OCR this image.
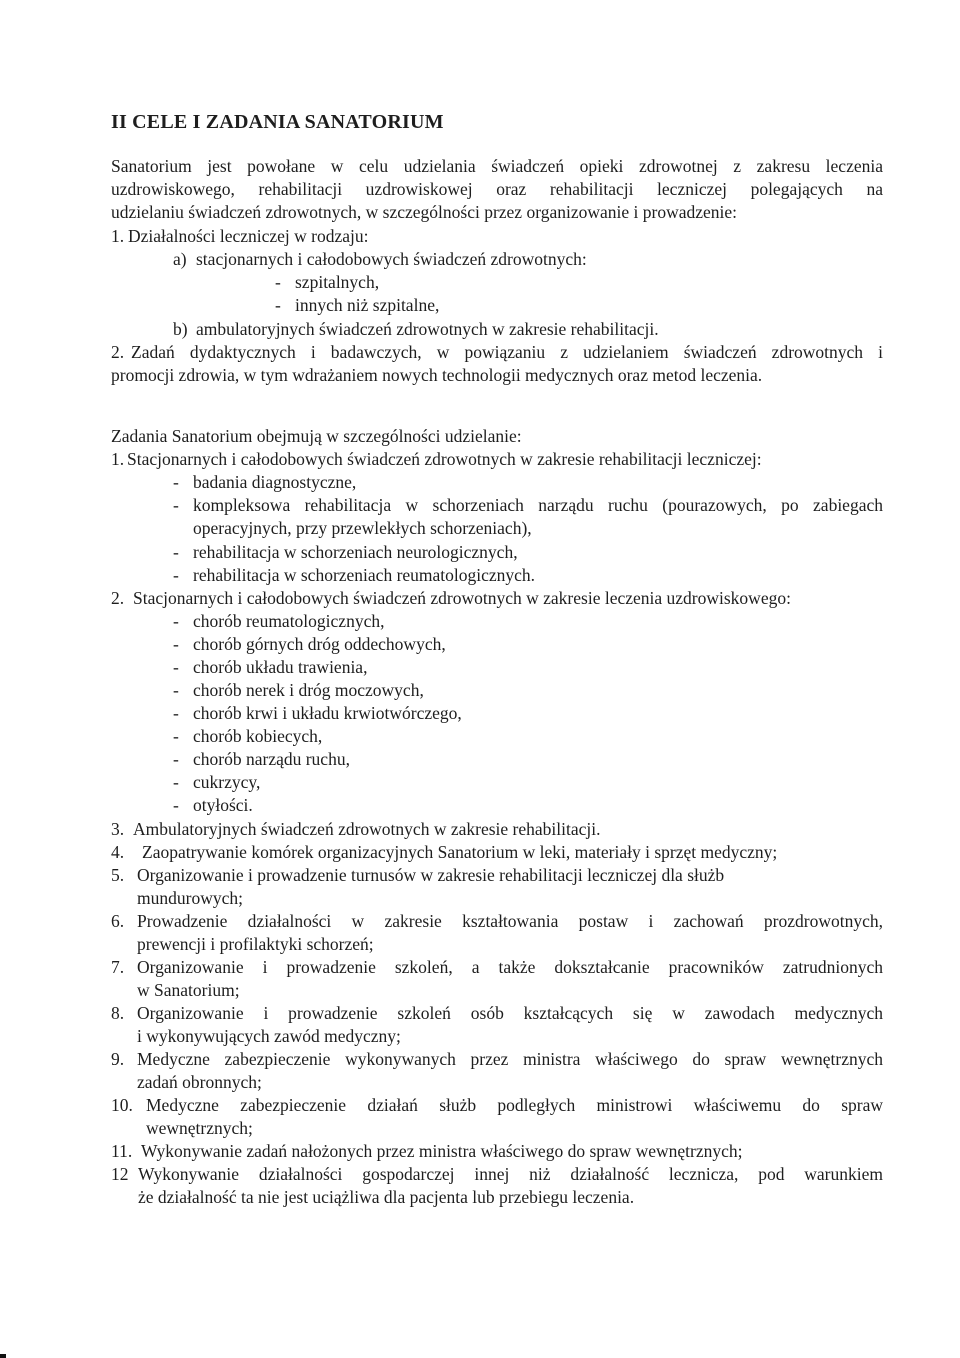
II CELE I ZADANIA SANATORIUM
Sanatorium jest powołane w celu udzielania świadczeń opieki zdrowotnej z zakresu leczenia
uzdrowiskowego, rehabilitacji uzdrowiskowej oraz rehabilitacji leczniczej polegających na
udzielaniu świadczeń zdrowotnych, w szczególności przez organizowanie i prowadzenie:
1. Działalności leczniczej w rodzaju:
a) stacjonarnych i całodobowych świadczeń zdrowotnych:
- szpitalnych,
- innych niż szpitalne,
b) ambulatoryjnych świadczeń zdrowotnych w zakresie rehabilitacji.
2. Zadań dydaktycznych i badawczych, w powiązaniu z udzielaniem świadczeń zdrowotnych i
promocji zdrowia, w tym wdrażaniem nowych technologii medycznych oraz metod leczenia.
Zadania Sanatorium obejmują w szczególności udzielanie:
1. Stacjonarnych i całodobowych świadczeń zdrowotnych w zakresie rehabilitacji leczniczej:
- badania diagnostyczne,
- kompleksowa rehabilitacja w schorzeniach narządu ruchu (pourazowych, po zabiegach
operacyjnych, przy przewlekłych schorzeniach),
- rehabilitacja w schorzeniach neurologicznych,
- rehabilitacja w schorzeniach reumatologicznych.
2. Stacjonarnych i całodobowych świadczeń zdrowotnych w zakresie leczenia uzdrowiskowego:
- chorób reumatologicznych,
- chorób górnych dróg oddechowych,
- chorób układu trawienia,
- chorób nerek i dróg moczowych,
- chorób krwi i układu krwiotwórczego,
- chorób kobiecych,
- chorób narządu ruchu,
- cukrzycy,
- otyłości.
3. Ambulatoryjnych świadczeń zdrowotnych w zakresie rehabilitacji.
4. Zaopatrywanie komórek organizacyjnych Sanatorium w leki, materiały i sprzęt medyczny;
5. Organizowanie i prowadzenie turnusów w zakresie rehabilitacji leczniczej dla służb
mundurowych;
6. Prowadzenie działalności w zakresie kształtowania postaw i zachowań prozdrowotnych,
prewencji i profilaktyki schorzeń;
7. Organizowanie i prowadzenie szkoleń, a także dokształcanie pracowników zatrudnionych
w Sanatorium;
8. Organizowanie i prowadzenie szkoleń osób kształcących się w zawodach medycznych
i wykonywujących zawód medyczny;
9. Medyczne zabezpieczenie wykonywanych przez ministra właściwego do spraw wewnętrznych
zadań obronnych;
10. Medyczne zabezpieczenie działań służb podległych ministrowi właściwemu do spraw
wewnętrznych;
11. Wykonywanie zadań nałożonych przez ministra właściwego do spraw wewnętrznych;
12 Wykonywanie działalności gospodarczej innej niż działalność lecznicza, pod warunkiem
że działalność ta nie jest uciążliwa dla pacjenta lub przebiegu leczenia.
